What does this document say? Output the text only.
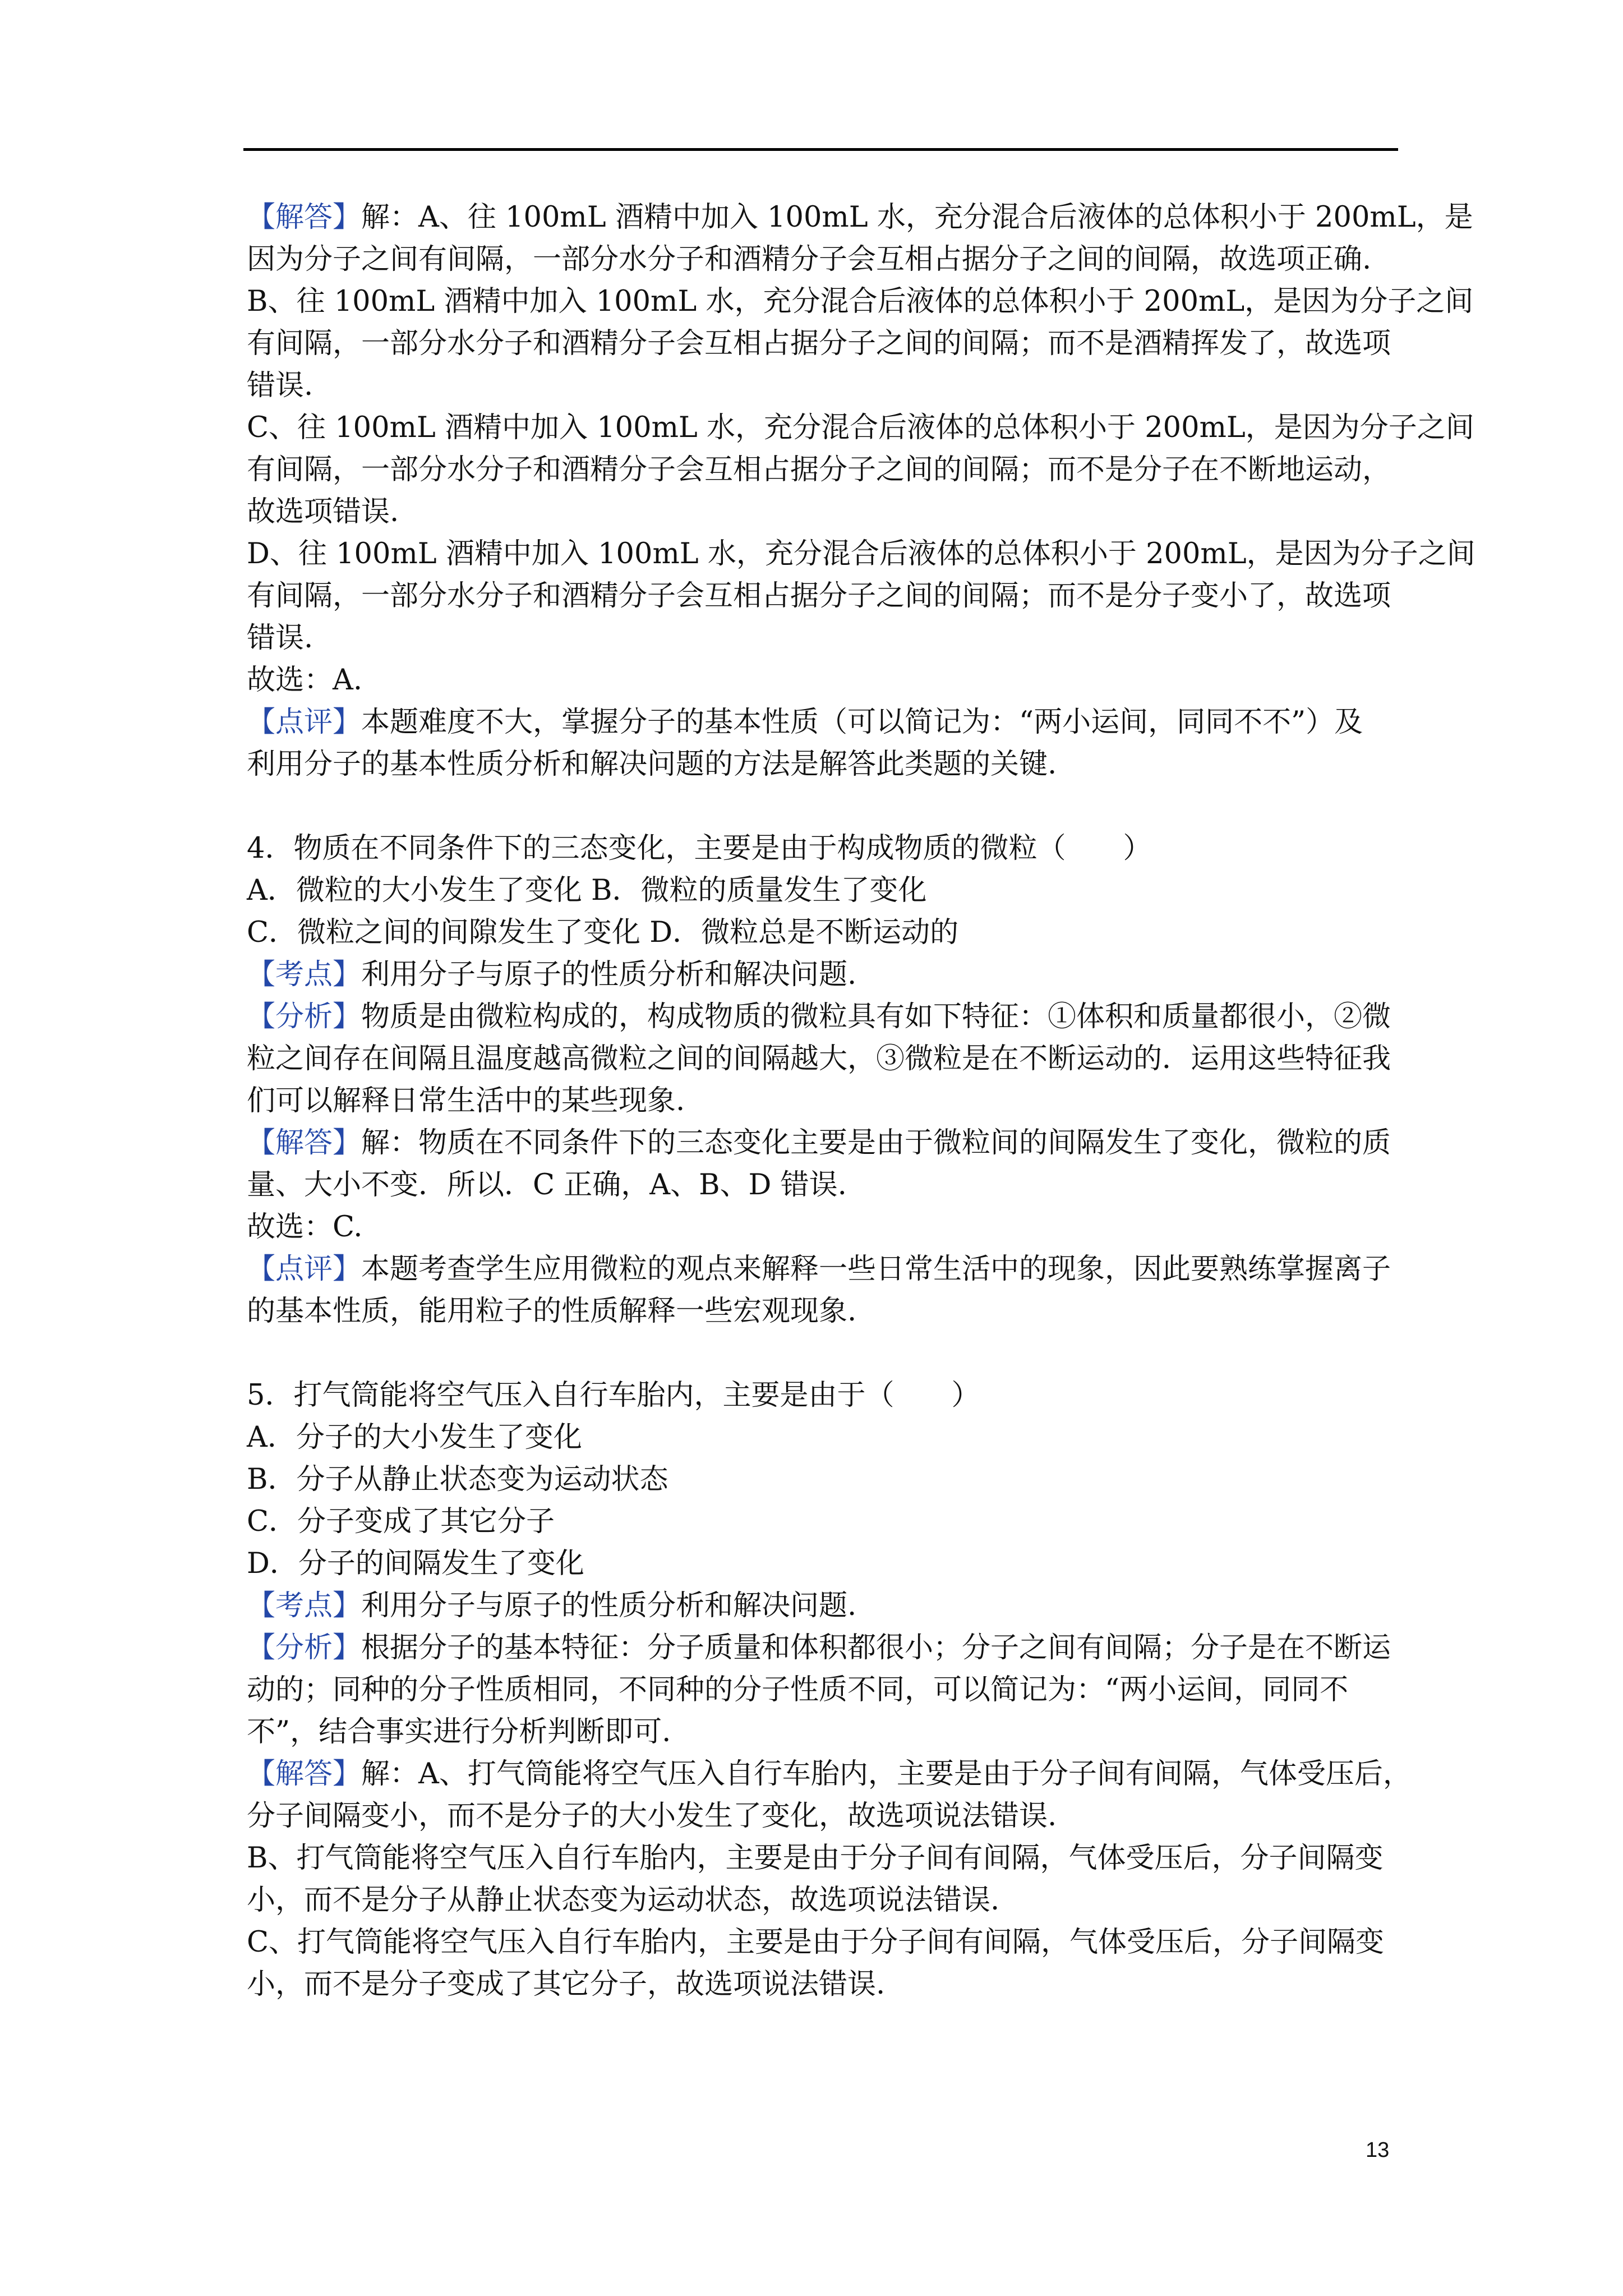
【解答】解：A、往 100mL 酒精中加入 100mL 水，充分混合后液体的总体积小于 200mL，是
因为分子之间有间隔，一部分水分子和酒精分子会互相占据分子之间的间隔，故选项正确.
B、往 100mL 酒精中加入 100mL 水，充分混合后液体的总体积小于 200mL，是因为分子之间
有间隔，一部分水分子和酒精分子会互相占据分子之间的间隔；而不是酒精挥发了，故选项
错误.
C、往 100mL 酒精中加入 100mL 水，充分混合后液体的总体积小于 200mL，是因为分子之间
有间隔，一部分水分子和酒精分子会互相占据分子之间的间隔；而不是分子在不断地运动，
故选项错误.
D、往 100mL 酒精中加入 100mL 水，充分混合后液体的总体积小于 200mL，是因为分子之间
有间隔，一部分水分子和酒精分子会互相占据分子之间的间隔；而不是分子变小了，故选项
错误.
故选：A.
【点评】本题难度不大，掌握分子的基本性质（可以简记为：“两小运间，同同不不”）及
利用分子的基本性质分析和解决问题的方法是解答此类题的关键.
4．物质在不同条件下的三态变化，主要是由于构成物质的微粒（　　）
A．微粒的大小发生了变化 B．微粒的质量发生了变化
C．微粒之间的间隙发生了变化 D．微粒总是不断运动的
【考点】利用分子与原子的性质分析和解决问题.
【分析】物质是由微粒构成的，构成物质的微粒具有如下特征：①体积和质量都很小，②微
粒之间存在间隔且温度越高微粒之间的间隔越大，③微粒是在不断运动的．运用这些特征我
们可以解释日常生活中的某些现象.
【解答】解：物质在不同条件下的三态变化主要是由于微粒间的间隔发生了变化，微粒的质
量、大小不变．所以．C 正确，A、B、D 错误.
故选：C.
【点评】本题考查学生应用微粒的观点来解释一些日常生活中的现象，因此要熟练掌握离子
的基本性质，能用粒子的性质解释一些宏观现象.
5．打气筒能将空气压入自行车胎内，主要是由于（　　）
A．分子的大小发生了变化
B．分子从静止状态变为运动状态
C．分子变成了其它分子
D．分子的间隔发生了变化
【考点】利用分子与原子的性质分析和解决问题.
【分析】根据分子的基本特征：分子质量和体积都很小；分子之间有间隔；分子是在不断运
动的；同种的分子性质相同，不同种的分子性质不同，可以简记为：“两小运间，同同不
不”，结合事实进行分析判断即可.
【解答】解：A、打气筒能将空气压入自行车胎内，主要是由于分子间有间隔，气体受压后，
分子间隔变小，而不是分子的大小发生了变化，故选项说法错误.
B、打气筒能将空气压入自行车胎内，主要是由于分子间有间隔，气体受压后，分子间隔变
小，而不是分子从静止状态变为运动状态，故选项说法错误.
C、打气筒能将空气压入自行车胎内，主要是由于分子间有间隔，气体受压后，分子间隔变
小，而不是分子变成了其它分子，故选项说法错误.
13
